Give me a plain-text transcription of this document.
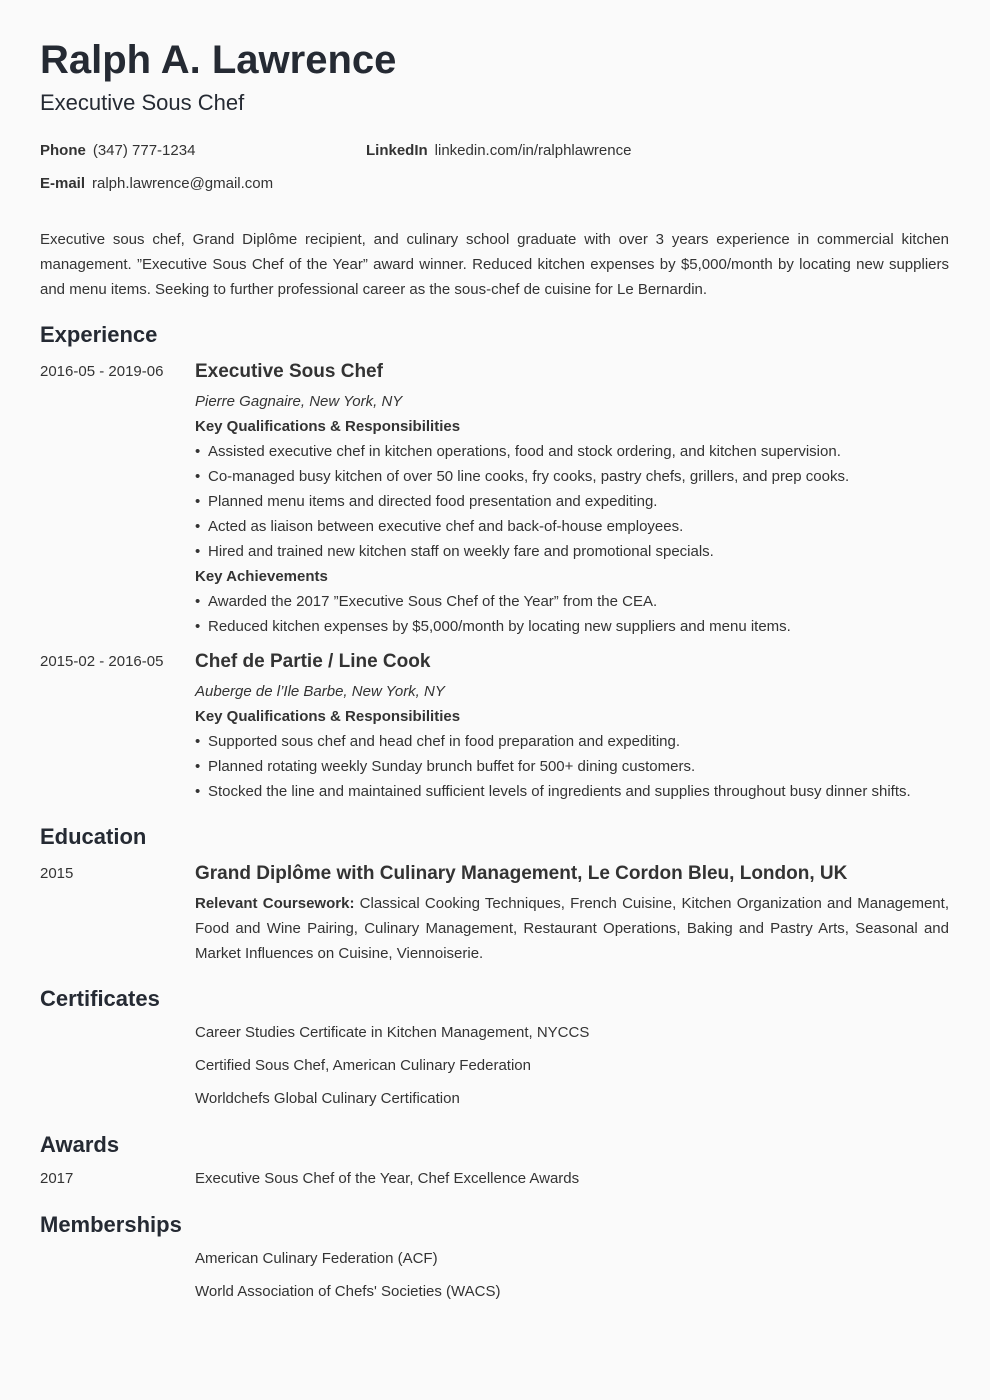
Ralph A. Lawrence
Executive Sous Chef
Phone (347) 777-1234	LinkedIn linkedin.com/in/ralphlawrence
E-mail ralph.lawrence@gmail.com
Executive sous chef, Grand Diplôme recipient, and culinary school graduate with over 3 years experience in commercial kitchen management. ”Executive Sous Chef of the Year” award winner. Reduced kitchen expenses by $5,000/month by locating new suppliers and menu items. Seeking to further professional career as the sous-chef de cuisine for Le Bernardin.
Experience
2016-05 - 2019-06 Executive Sous Chef
Pierre Gagnaire, New York, NY
Key Qualifications & Responsibilities
• Assisted executive chef in kitchen operations, food and stock ordering, and kitchen supervision.
• Co-managed busy kitchen of over 50 line cooks, fry cooks, pastry chefs, grillers, and prep cooks.
• Planned menu items and directed food presentation and expediting.
• Acted as liaison between executive chef and back-of-house employees.
• Hired and trained new kitchen staff on weekly fare and promotional specials.
Key Achievements
• Awarded the 2017 ”Executive Sous Chef of the Year” from the CEA.
• Reduced kitchen expenses by $5,000/month by locating new suppliers and menu items.
2015-02 - 2016-05 Chef de Partie / Line Cook
Auberge de l’Ile Barbe, New York, NY
Key Qualifications & Responsibilities
• Supported sous chef and head chef in food preparation and expediting.
• Planned rotating weekly Sunday brunch buffet for 500+ dining customers.
• Stocked the line and maintained sufficient levels of ingredients and supplies throughout busy dinner shifts.
Education
2015	Grand Diplôme with Culinary Management, Le Cordon Bleu, London, UK
Relevant Coursework: Classical Cooking Techniques, French Cuisine, Kitchen Organization and Management, Food and Wine Pairing, Culinary Management, Restaurant Operations, Baking and Pastry Arts, Seasonal and Market Influences on Cuisine, Viennoiserie.
Certificates
Career Studies Certificate in Kitchen Management, NYCCS
Certified Sous Chef, American Culinary Federation
Worldchefs Global Culinary Certification
Awards
2017	Executive Sous Chef of the Year, Chef Excellence Awards
Memberships
American Culinary Federation (ACF)
World Association of Chefs' Societies (WACS)
